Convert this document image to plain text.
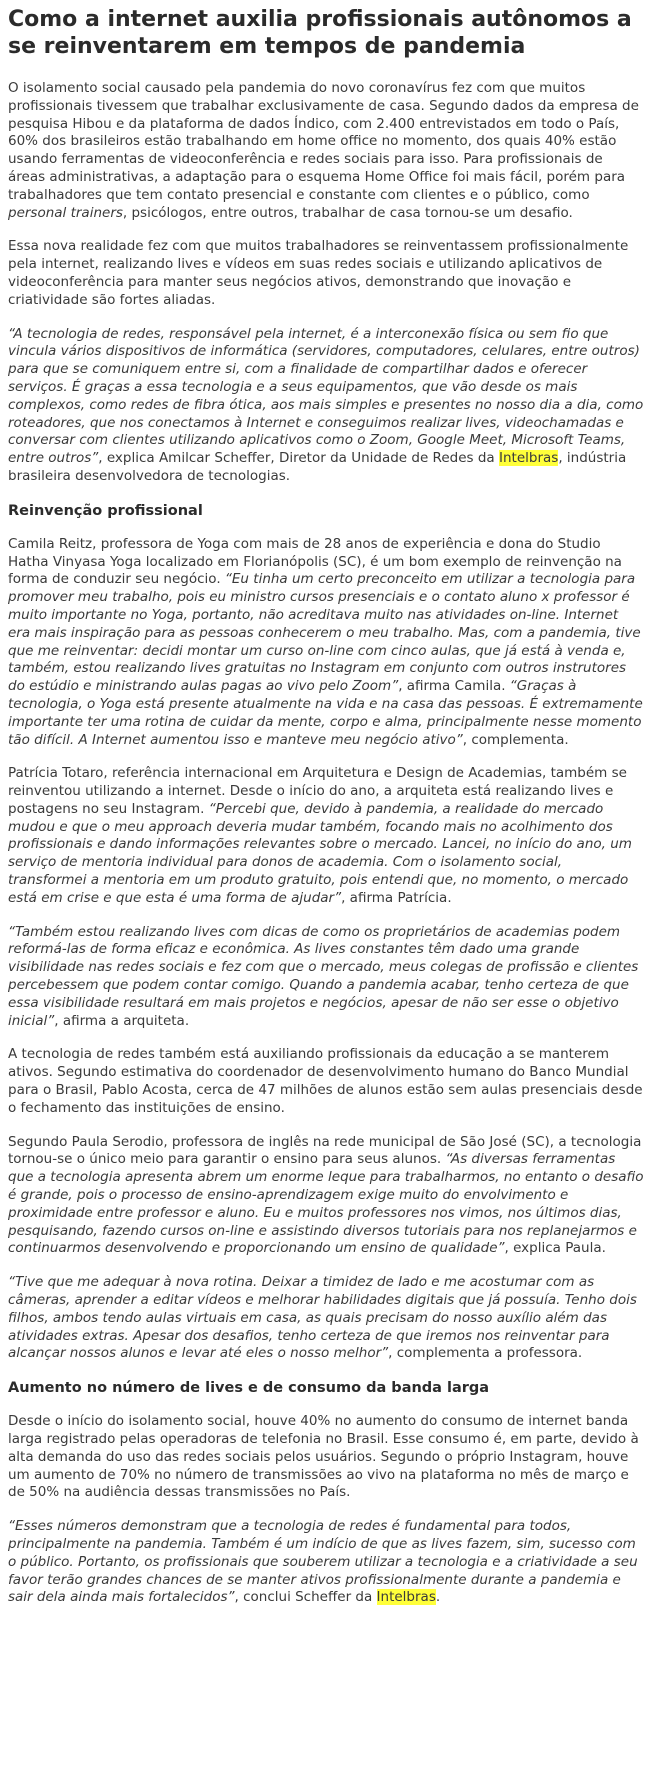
Como a internet auxilia profissionais autônomos a se reinventarem em tempos de pandemia

O isolamento social causado pela pandemia do novo coronavírus fez com que muitos profissionais tivessem que trabalhar exclusivamente de casa. Segundo dados da empresa de pesquisa Hibou e da plataforma de dados Índico, com 2.400 entrevistados em todo o País, 60% dos brasileiros estão trabalhando em home office no momento, dos quais 40% estão usando ferramentas de videoconferência e redes sociais para isso. Para profissionais de áreas administrativas, a adaptação para o esquema Home Office foi mais fácil, porém para trabalhadores que tem contato presencial e constante com clientes e o público, como personal trainers, psicólogos, entre outros, trabalhar de casa tornou-se um desafio.

Essa nova realidade fez com que muitos trabalhadores se reinventassem profissionalmente pela internet, realizando lives e vídeos em suas redes sociais e utilizando aplicativos de videoconferência para manter seus negócios ativos, demonstrando que inovação e criatividade são fortes aliadas.

“A tecnologia de redes, responsável pela internet, é a interconexão física ou sem fio que vincula vários dispositivos de informática (servidores, computadores, celulares, entre outros) para que se comuniquem entre si, com a finalidade de compartilhar dados e oferecer serviços. É graças a essa tecnologia e a seus equipamentos, que vão desde os mais complexos, como redes de fibra ótica, aos mais simples e presentes no nosso dia a dia, como roteadores, que nos conectamos à Internet e conseguimos realizar lives, videochamadas e conversar com clientes utilizando aplicativos como o Zoom, Google Meet, Microsoft Teams, entre outros”, explica Amilcar Scheffer, Diretor da Unidade de Redes da Intelbras, indústria brasileira desenvolvedora de tecnologias.

Reinvenção profissional

Camila Reitz, professora de Yoga com mais de 28 anos de experiência e dona do Studio Hatha Vinyasa Yoga localizado em Florianópolis (SC), é um bom exemplo de reinvenção na forma de conduzir seu negócio. “Eu tinha um certo preconceito em utilizar a tecnologia para promover meu trabalho, pois eu ministro cursos presenciais e o contato aluno x professor é muito importante no Yoga, portanto, não acreditava muito nas atividades on-line. Internet era mais inspiração para as pessoas conhecerem o meu trabalho. Mas, com a pandemia, tive que me reinventar: decidi montar um curso on-line com cinco aulas, que já está à venda e, também, estou realizando lives gratuitas no Instagram em conjunto com outros instrutores do estúdio e ministrando aulas pagas ao vivo pelo Zoom”, afirma Camila. “Graças à tecnologia, o Yoga está presente atualmente na vida e na casa das pessoas. É extremamente importante ter uma rotina de cuidar da mente, corpo e alma, principalmente nesse momento tão difícil. A Internet aumentou isso e manteve meu negócio ativo”, complementa.

Patrícia Totaro, referência internacional em Arquitetura e Design de Academias, também se reinventou utilizando a internet. Desde o início do ano, a arquiteta está realizando lives e postagens no seu Instagram. “Percebi que, devido à pandemia, a realidade do mercado mudou e que o meu approach deveria mudar também, focando mais no acolhimento dos profissionais e dando informações relevantes sobre o mercado. Lancei, no início do ano, um serviço de mentoria individual para donos de academia. Com o isolamento social, transformei a mentoria em um produto gratuito, pois entendi que, no momento, o mercado está em crise e que esta é uma forma de ajudar”, afirma Patrícia.

“Também estou realizando lives com dicas de como os proprietários de academias podem reformá-las de forma eficaz e econômica. As lives constantes têm dado uma grande visibilidade nas redes sociais e fez com que o mercado, meus colegas de profissão e clientes percebessem que podem contar comigo. Quando a pandemia acabar, tenho certeza de que essa visibilidade resultará em mais projetos e negócios, apesar de não ser esse o objetivo inicial”, afirma a arquiteta.

A tecnologia de redes também está auxiliando profissionais da educação a se manterem ativos. Segundo estimativa do coordenador de desenvolvimento humano do Banco Mundial para o Brasil, Pablo Acosta, cerca de 47 milhões de alunos estão sem aulas presenciais desde o fechamento das instituições de ensino.

Segundo Paula Serodio, professora de inglês na rede municipal de São José (SC), a tecnologia tornou-se o único meio para garantir o ensino para seus alunos. “As diversas ferramentas que a tecnologia apresenta abrem um enorme leque para trabalharmos, no entanto o desafio é grande, pois o processo de ensino-aprendizagem exige muito do envolvimento e proximidade entre professor e aluno. Eu e muitos professores nos vimos, nos últimos dias, pesquisando, fazendo cursos on-line e assistindo diversos tutoriais para nos replanejarmos e continuarmos desenvolvendo e proporcionando um ensino de qualidade”, explica Paula.

“Tive que me adequar à nova rotina. Deixar a timidez de lado e me acostumar com as câmeras, aprender a editar vídeos e melhorar habilidades digitais que já possuía. Tenho dois filhos, ambos tendo aulas virtuais em casa, as quais precisam do nosso auxílio além das atividades extras. Apesar dos desafios, tenho certeza de que iremos nos reinventar para alcançar nossos alunos e levar até eles o nosso melhor”, complementa a professora.

Aumento no número de lives e de consumo da banda larga

Desde o início do isolamento social, houve 40% no aumento do consumo de internet banda larga registrado pelas operadoras de telefonia no Brasil. Esse consumo é, em parte, devido à alta demanda do uso das redes sociais pelos usuários. Segundo o próprio Instagram, houve um aumento de 70% no número de transmissões ao vivo na plataforma no mês de março e de 50% na audiência dessas transmissões no País.

“Esses números demonstram que a tecnologia de redes é fundamental para todos, principalmente na pandemia. Também é um indício de que as lives fazem, sim, sucesso com o público. Portanto, os profissionais que souberem utilizar a tecnologia e a criatividade a seu favor terão grandes chances de se manter ativos profissionalmente durante a pandemia e sair dela ainda mais fortalecidos”, conclui Scheffer da Intelbras.
